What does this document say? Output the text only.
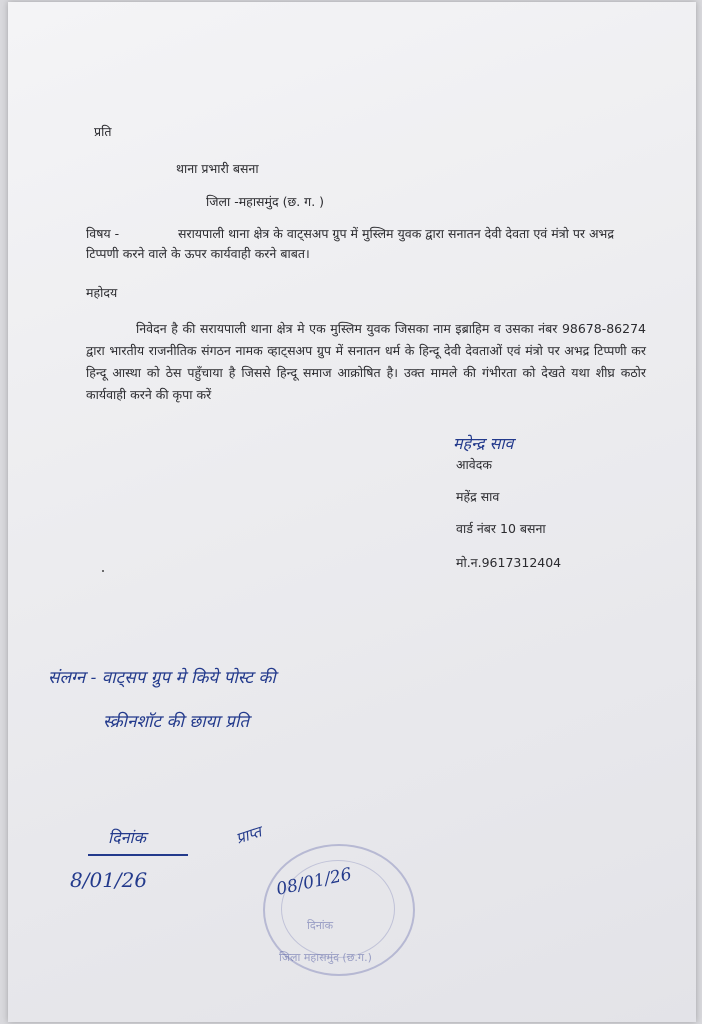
प्रति
थाना प्रभारी बसना
जिला -महासमुंद (छ. ग. )
विषय -	सरायपाली थाना क्षेत्र के वाट्सअप ग्रुप में मुस्लिम युवक द्वारा सनातन देवी देवता एवं मंत्रो पर अभद्र टिप्पणी करने वाले के ऊपर कार्यवाही करने बाबत।
महोदय
निवेदन है की सरायपाली थाना क्षेत्र मे एक मुस्लिम युवक जिसका नाम इब्राहिम व उसका नंबर 98678-86274 द्वारा भारतीय राजनीतिक संगठन नामक व्हाट्सअप ग्रुप में सनातन धर्म के हिन्दू देवी देवताओं एवं मंत्रो पर अभद्र टिप्पणी कर हिन्दू आस्था को ठेस पहुँचाया है जिससे हिन्दू समाज आक्रोषित है। उक्त मामले की गंभीरता को देखते यथा शीघ्र कठोर कार्यवाही करने की कृपा करें
महेन्द्र साव
आवेदक
महेंद्र साव
वार्ड नंबर 10 बसना
मो.न.9617312404
संलग्न - वाट्सप ग्रुप मे किये पोस्ट की
स्क्रीनशॉट की छाया प्रति
दिनांक
8/01/26
दिनांक
जिला महासमुंद (छ.ग.)
प्राप्त
08/01/26
